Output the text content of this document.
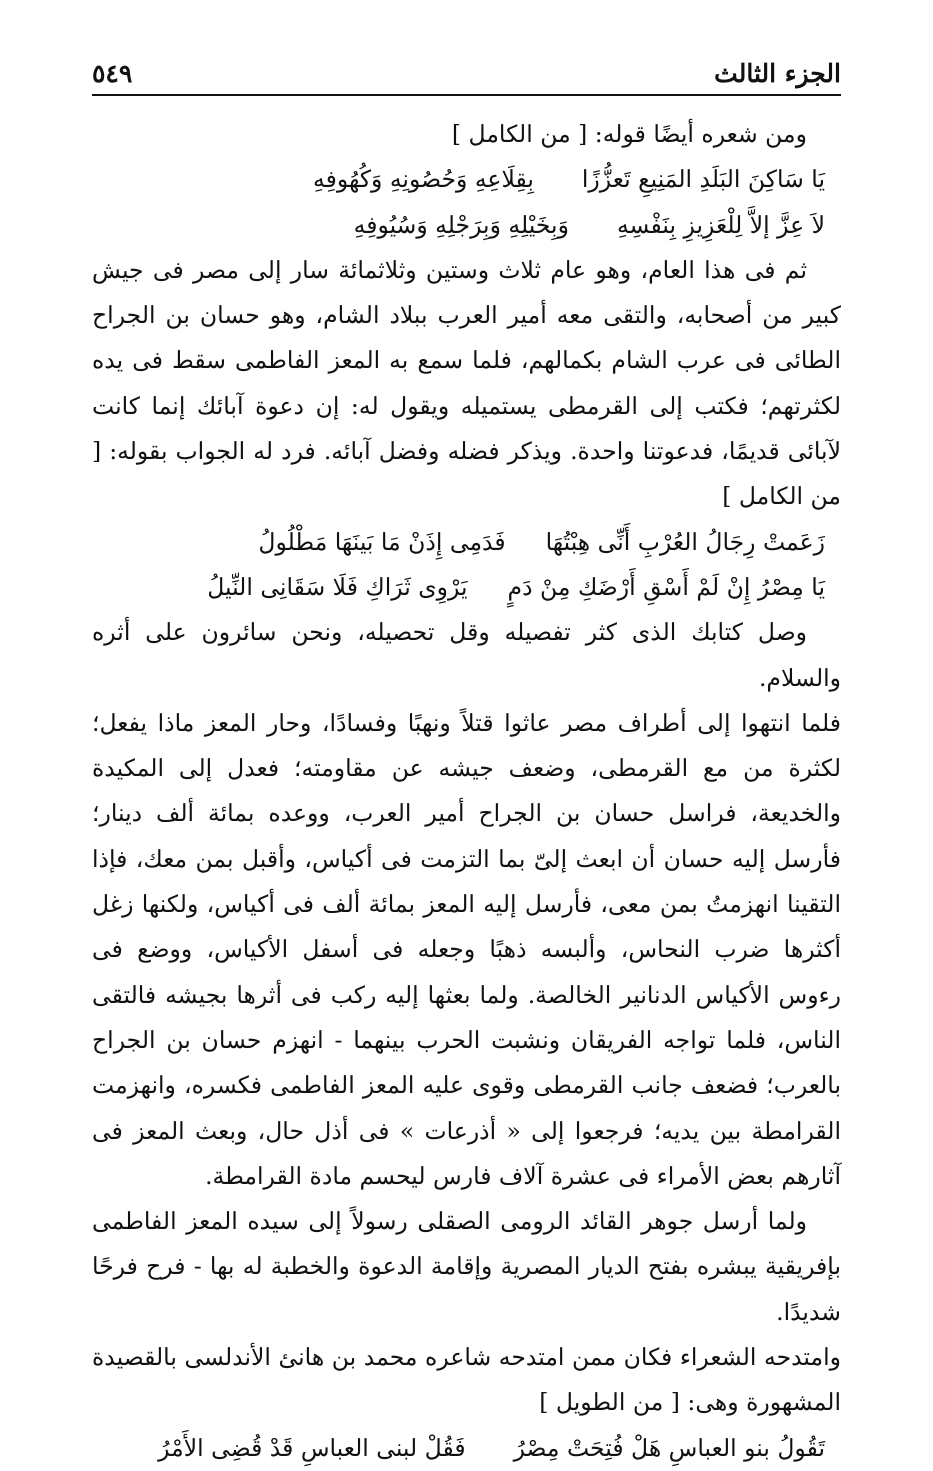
الجزء الثالث
٥٤٩

ومن شعره أيضًا قوله: [ من الكامل ]

يَا سَاكِنَ البَلَدِ المَنِيعِ تَعزُّزًا
بِقِلَاعِهِ وَحُصُونِهِ وَكُهُوفِهِ
لاَ عِزَّ إلاَّ لِلْعَزِيزِ بِنَفْسِهِ
وَبِخَيْلِهِ وَبِرَجْلِهِ وَسُيُوفِهِ

ثم فى هذا العام، وهو عام ثلاث وستين وثلاثمائة سار إلى مصر فى جيش كبير من أصحابه، والتقى معه أمير العرب ببلاد الشام، وهو حسان بن الجراح الطائى فى عرب الشام بكمالهم، فلما سمع به المعز الفاطمى سقط فى يده لكثرتهم؛ فكتب إلى القرمطى يستميله ويقول له: إن دعوة آبائك إنما كانت لآبائى قديمًا، فدعوتنا واحدة. ويذكر فضله وفضل آبائه. فرد له الجواب بقوله: [ من الكامل ]

زَعَمتْ رِجَالُ العُرْبِ أَنِّى هِبْتُهَا
فَدَمِى إِذَنْ مَا بَينَهَا مَطْلُولُ
يَا مِصْرُ إِنْ لَمْ أَسْقِ أَرْضَكِ مِنْ دَمٍ
يَرْوِى ثَرَاكِ فَلَا سَقَانِى النِّيلُ

وصل كتابك الذى كثر تفصيله وقل تحصيله، ونحن سائرون على أثره والسلام.

فلما انتهوا إلى أطراف مصر عاثوا قتلاً ونهبًا وفسادًا، وحار المعز ماذا يفعل؛ لكثرة من مع القرمطى، وضعف جيشه عن مقاومته؛ فعدل إلى المكيدة والخديعة، فراسل حسان بن الجراح أمير العرب، ووعده بمائة ألف دينار؛ فأرسل إليه حسان أن ابعث إلىّ بما التزمت فى أكياس، وأقبل بمن معك، فإذا التقينا انهزمتُ بمن معى، فأرسل إليه المعز بمائة ألف فى أكياس، ولكنها زغل أكثرها ضرب النحاس، وألبسه ذهبًا وجعله فى أسفل الأكياس، ووضع فى رءوس الأكياس الدنانير الخالصة. ولما بعثها إليه ركب فى أثرها بجيشه فالتقى الناس، فلما تواجه الفريقان ونشبت الحرب بينهما - انهزم حسان بن الجراح بالعرب؛ فضعف جانب القرمطى وقوى عليه المعز الفاطمى فكسره، وانهزمت القرامطة بين يديه؛ فرجعوا إلى « أذرعات » فى أذل حال، وبعث المعز فى آثارهم بعض الأمراء فى عشرة آلاف فارس ليحسم مادة القرامطة.

ولما أرسل جوهر القائد الرومى الصقلى رسولاً إلى سيده المعز الفاطمى بإفريقية يبشره بفتح الديار المصرية وإقامة الدعوة والخطبة له بها - فرح فرحًا شديدًا.

وامتدحه الشعراء فكان ممن امتدحه شاعره محمد بن هانئ الأندلسى بالقصيدة المشهورة وهى: [ من الطويل ]

تَقُولُ بنو العباسِ هَلْ فُتِحَتْ مِصْرُ
فَقُلْ لبنى العباسِ قَدْ قُضِى الأَمْرُ
